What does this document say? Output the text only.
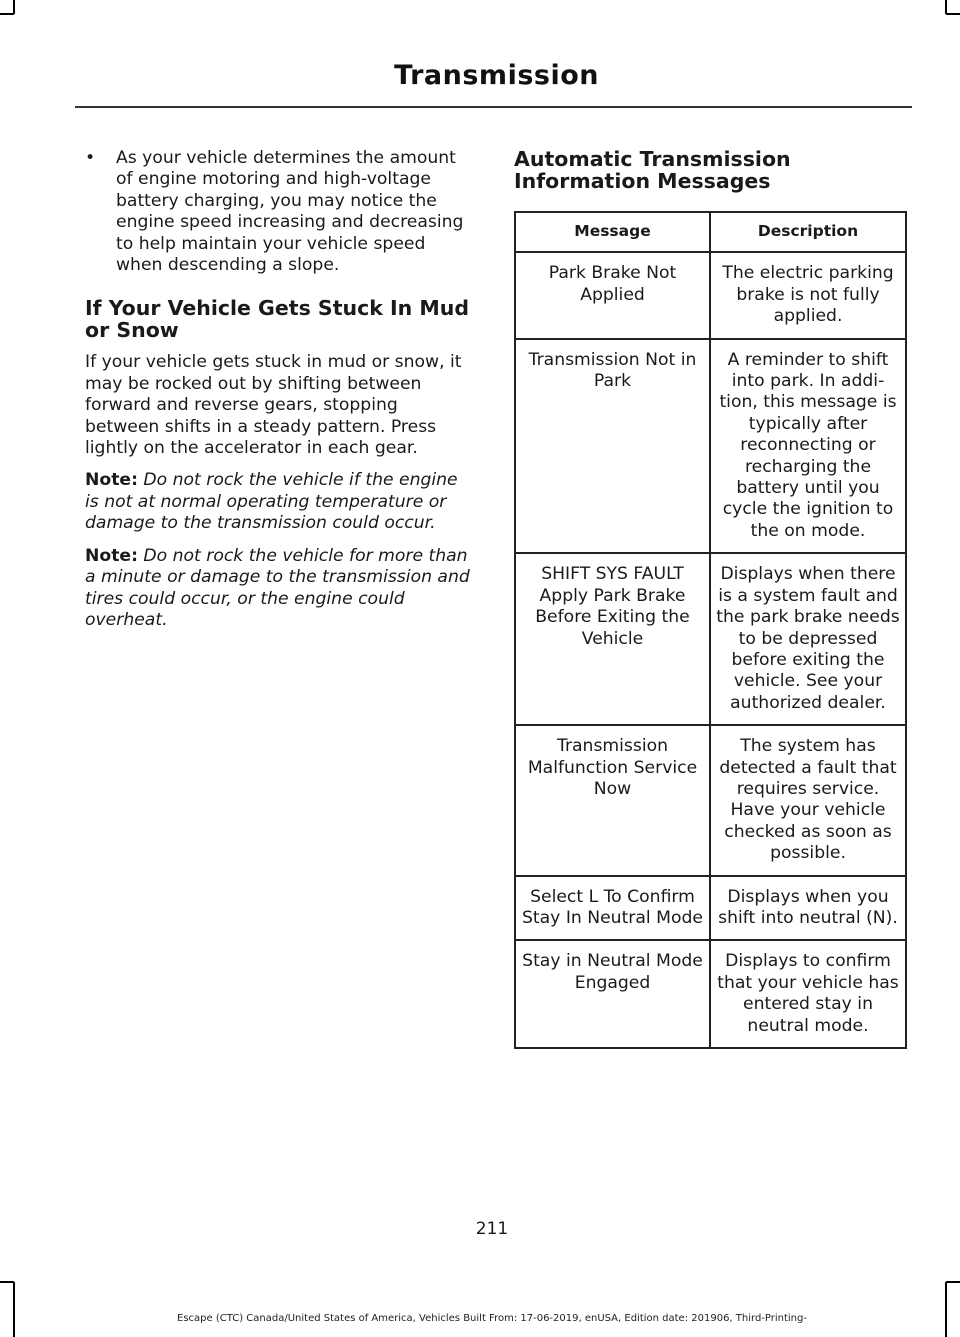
Transmission
•	As your vehicle determines the amount of engine motoring and high-voltage battery charging, you may notice the engine speed increasing and decreasing to help maintain your vehicle speed when descending a slope.

If Your Vehicle Gets Stuck In Mud or Snow

If your vehicle gets stuck in mud or snow, it may be rocked out by shifting between forward and reverse gears, stopping between shifts in a steady pattern. Press lightly on the accelerator in each gear.

Note: Do not rock the vehicle if the engine is not at normal operating temperature or damage to the transmission could occur.

Note: Do not rock the vehicle for more than a minute or damage to the transmission and tires could occur, or the engine could overheat.

Automatic Transmission Information Messages
Message	Description
Park Brake Not Applied	The electric parking brake is not fully applied.
Transmission Not in Park	A reminder to shift into park. In addi-tion, this message is typically after reconnecting or recharging the battery until you cycle the ignition to the on mode.
SHIFT SYS FAULT Apply Park Brake Before Exiting the Vehicle	Displays when there is a system fault and the park brake needs to be depressed before exiting the vehicle. See your authorized dealer.
Transmission Malfunction Service Now	The system has detected a fault that requires service. Have your vehicle checked as soon as possible.
Select L To Confirm Stay In Neutral Mode	Displays when you shift into neutral (N).
Stay in Neutral Mode Engaged	Displays to confirm that your vehicle has entered stay in neutral mode.
211
Escape (CTC) Canada/United States of America, Vehicles Built From: 17-06-2019, enUSA, Edition date: 201906, Third-Printing-
